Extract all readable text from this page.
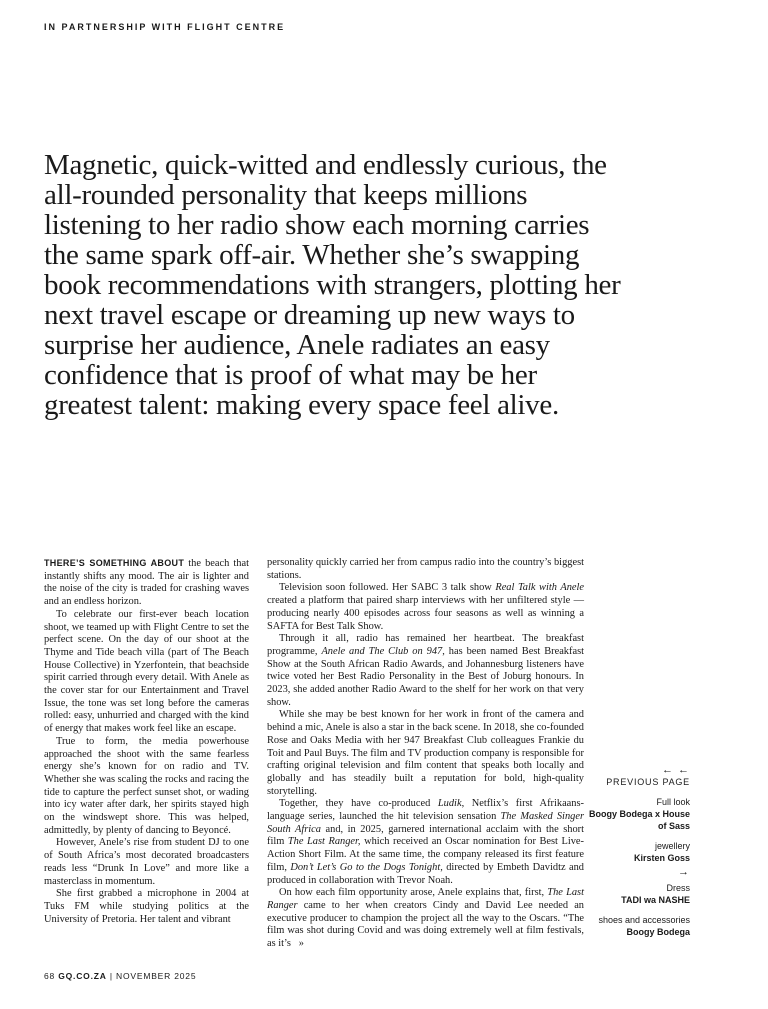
IN PARTNERSHIP WITH FLIGHT CENTRE
Magnetic, quick-witted and endlessly curious, the all-rounded personality that keeps millions listening to her radio show each morning carries the same spark off-air. Whether she’s swapping book recommendations with strangers, plotting her next travel escape or dreaming up new ways to surprise her audience, Anele radiates an easy confidence that is proof of what may be her greatest talent: making every space feel alive.

THERE’S SOMETHING ABOUT the beach that instantly shifts any mood. The air is lighter and the noise of the city is traded for crashing waves and an endless horizon.

To celebrate our first-ever beach location shoot, we teamed up with Flight Centre to set the perfect scene. On the day of our shoot at the Thyme and Tide beach villa (part of The Beach House Collective) in Yzerfontein, that beachside spirit carried through every detail. With Anele as the cover star for our Entertainment and Travel Issue, the tone was set long before the cameras rolled: easy, unhurried and charged with the kind of energy that makes work feel like an escape.

True to form, the media powerhouse approached the shoot with the same fearless energy she’s known for on radio and TV. Whether she was scaling the rocks and racing the tide to capture the perfect sunset shot, or wading into icy water after dark, her spirits stayed high on the windswept shore. This was helped, admittedly, by plenty of dancing to Beyoncé.

However, Anele’s rise from student DJ to one of South Africa’s most decorated broadcasters reads less “Drunk In Love” and more like a masterclass in momentum.

She first grabbed a microphone in 2004 at Tuks FM while studying politics at the University of Pretoria. Her talent and vibrant

personality quickly carried her from campus radio into the country’s biggest stations.

Television soon followed. Her SABC 3 talk show Real Talk with Anele created a platform that paired sharp interviews with her unfiltered style — producing nearly 400 episodes across four seasons as well as winning a SAFTA for Best Talk Show.

Through it all, radio has remained her heartbeat. The breakfast programme, Anele and The Club on 947, has been named Best Breakfast Show at the South African Radio Awards, and Johannesburg listeners have twice voted her Best Radio Personality in the Best of Joburg honours. In 2023, she added another Radio Award to the shelf for her work on that very show.

While she may be best known for her work in front of the camera and behind a mic, Anele is also a star in the back scene. In 2018, she co-founded Rose and Oaks Media with her 947 Breakfast Club colleagues Frankie du Toit and Paul Buys. The film and TV production company is responsible for crafting original television and film content that speaks both locally and globally and has steadily built a reputation for bold, high-quality storytelling.

Together, they have co-produced Ludik, Netflix’s first Afrikaans-language series, launched the hit television sensation The Masked Singer South Africa and, in 2025, garnered international acclaim with the short film The Last Ranger, which received an Oscar nomination for Best Live-Action Short Film. At the same time, the company released its first feature film, Don’t Let’s Go to the Dogs Tonight, directed by Embeth Davidtz and produced in collaboration with Trevor Noah.

On how each film opportunity arose, Anele explains that, first, The Last Ranger came to her when creators Cindy and David Lee needed an executive producer to champion the project all the way to the Oscars. “The film was shot during Covid and was doing extremely well at film festivals, as it’s »

← ←
PREVIOUS PAGE
Full look
Boogy Bodega x House of Sass
jewellery
Kirsten Goss
→
Dress
TADI wa NASHE
shoes and accessories
Boogy Bodega
68 GQ.CO.ZA | NOVEMBER 2025
